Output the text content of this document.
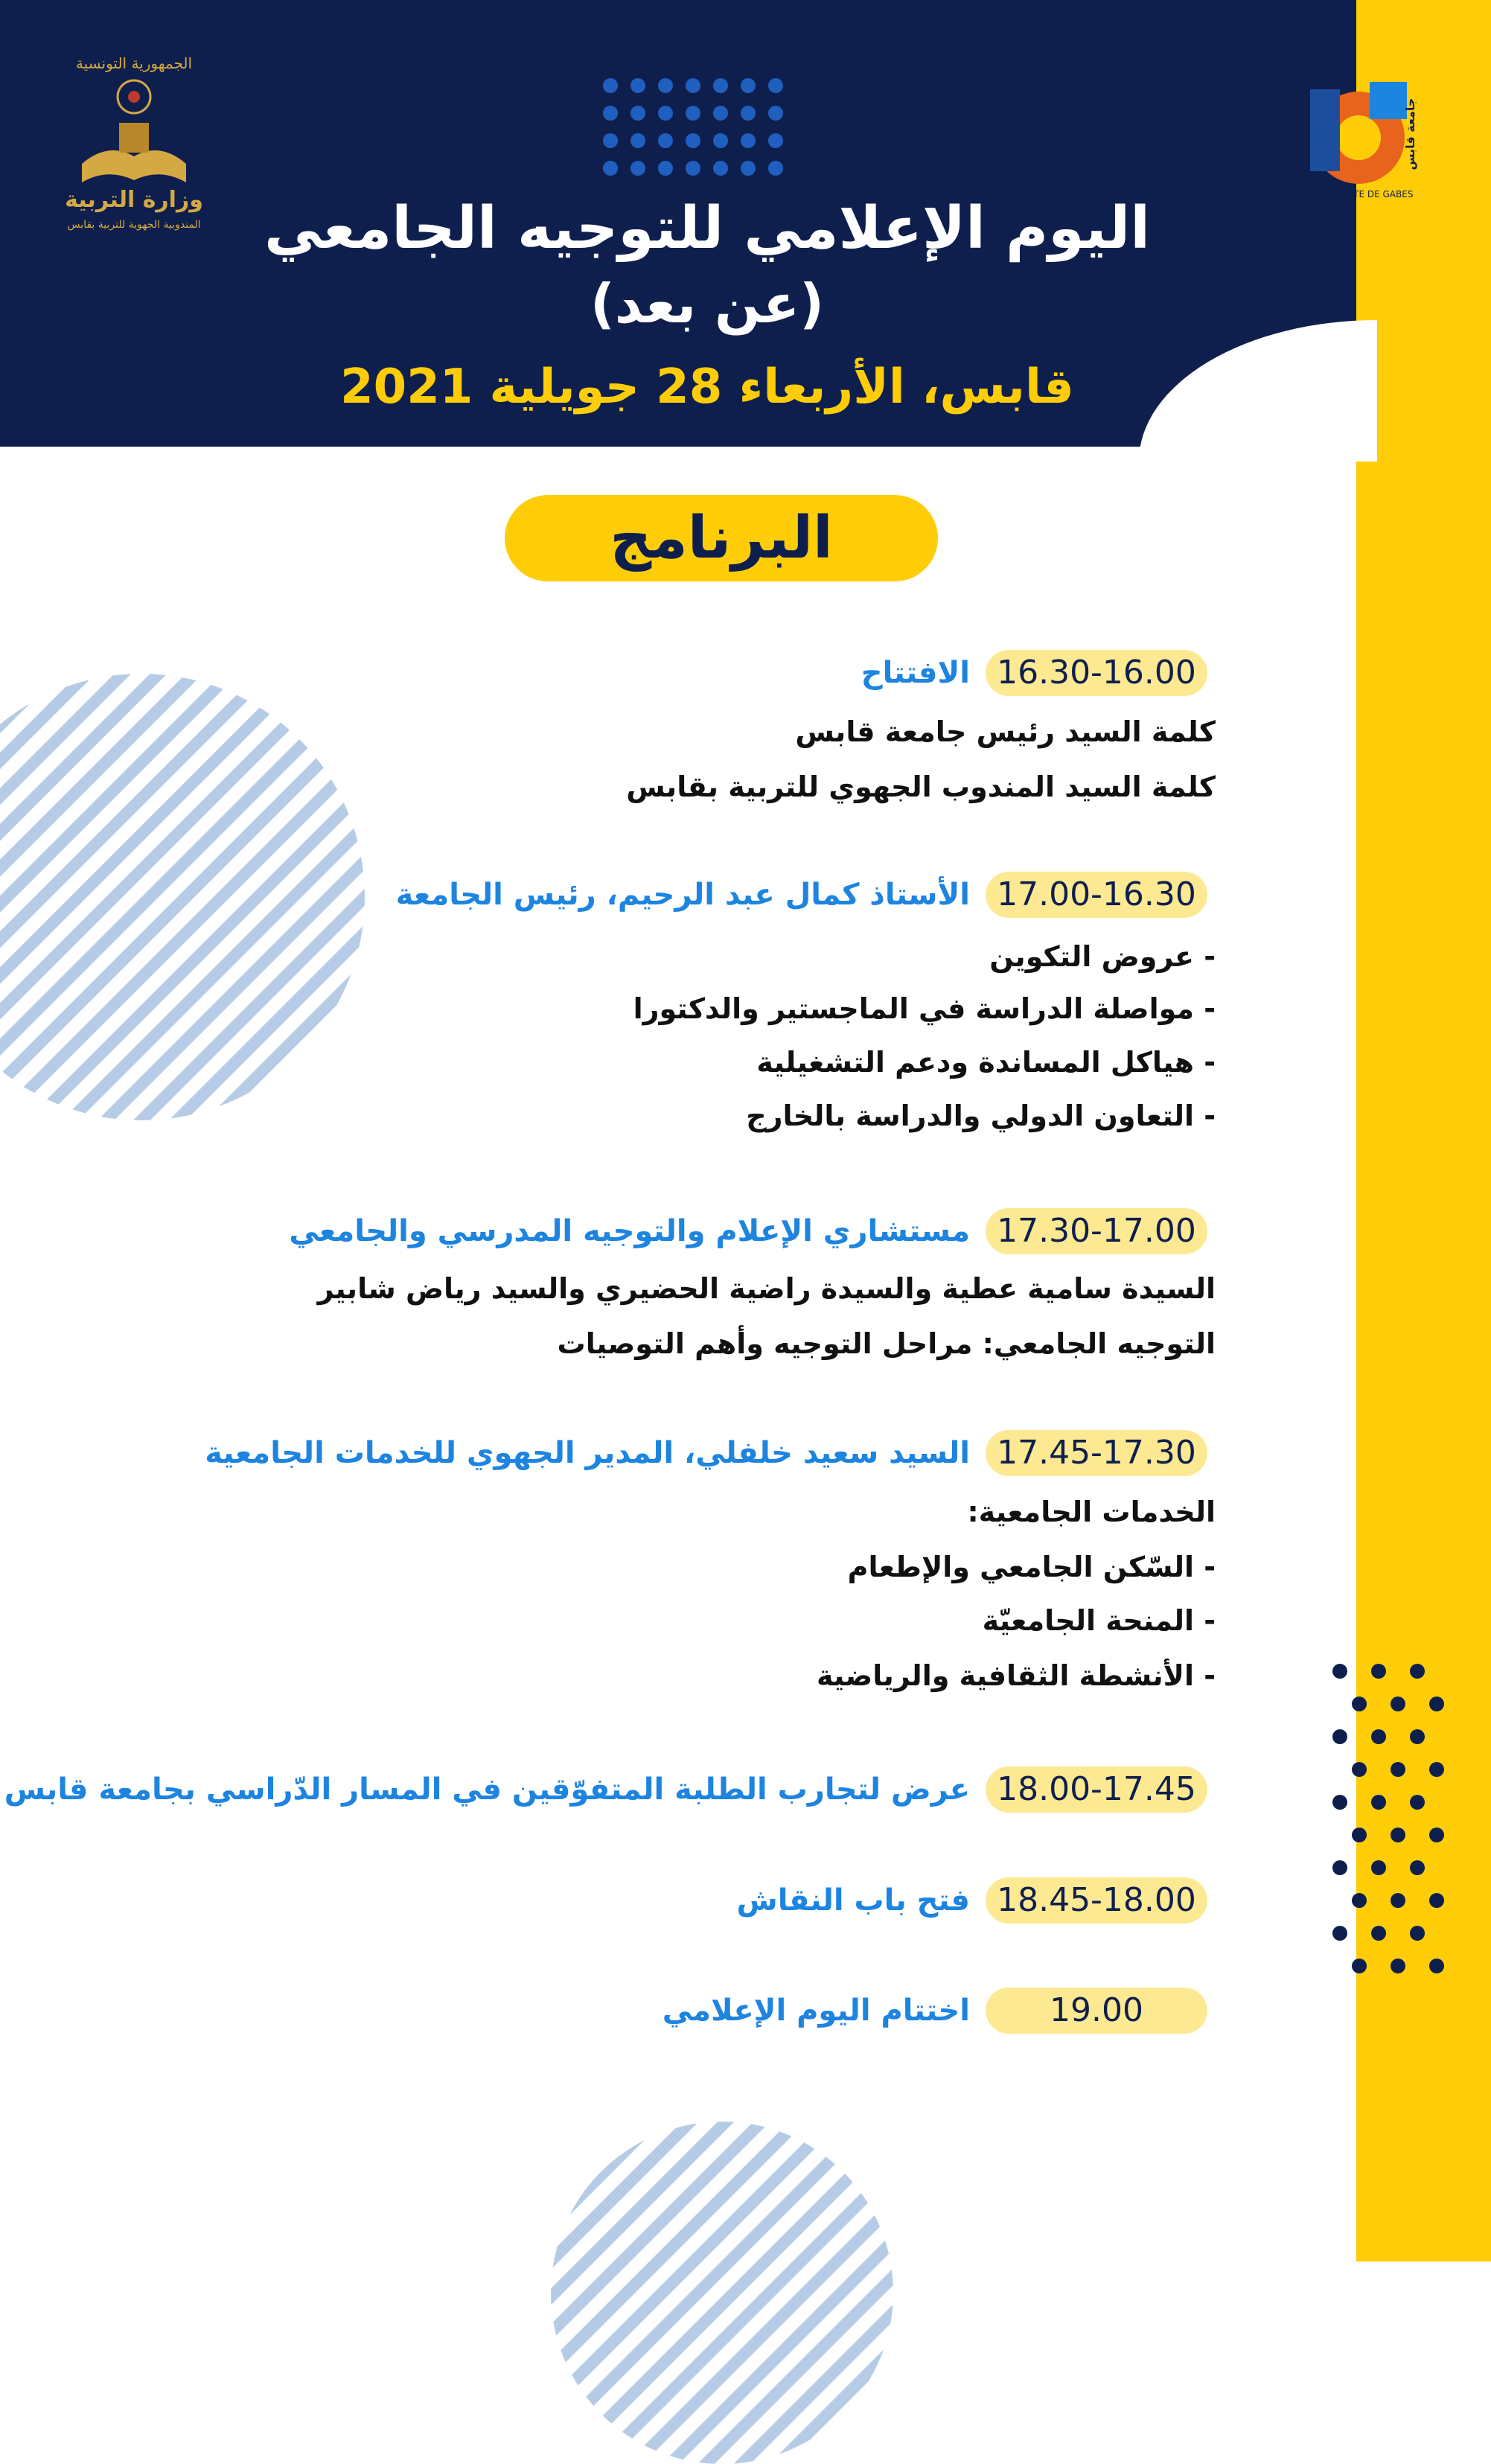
الجمهورية التونسية
وزارة التربية
المندوبية الجهوية للتربية بقابس
UNIVERSITE DE GABES
جامعة قابس
اليوم الإعلامي للتوجيه الجامعي
(عن بعد)
قابس، الأربعاء 28 جويلية 2021
البرنامج
16.30-16.00
الافتتاح
كلمة السيد رئيس جامعة قابس
كلمة السيد المندوب الجهوي للتربية بقابس
17.00-16.30
الأستاذ كمال عبد الرحيم، رئيس الجامعة
- عروض التكوين
- مواصلة الدراسة في الماجستير والدكتورا
- هياكل المساندة ودعم التشغيلية
- التعاون الدولي والدراسة بالخارج
17.30-17.00
مستشاري الإعلام والتوجيه المدرسي والجامعي
السيدة سامية عطية والسيدة راضية الحضيري والسيد رياض شابير
التوجيه الجامعي: مراحل التوجيه وأهم التوصيات
17.45-17.30
السيد سعيد خلفلي، المدير الجهوي للخدمات الجامعية
الخدمات الجامعية:
- السّكن الجامعي والإطعام
- المنحة الجامعيّة
- الأنشطة الثقافية والرياضية
18.00-17.45
عرض لتجارب الطلبة المتفوّقين في المسار الدّراسي بجامعة قابس
18.45-18.00
فتح باب النقاش
19.00
اختتام اليوم الإعلامي
